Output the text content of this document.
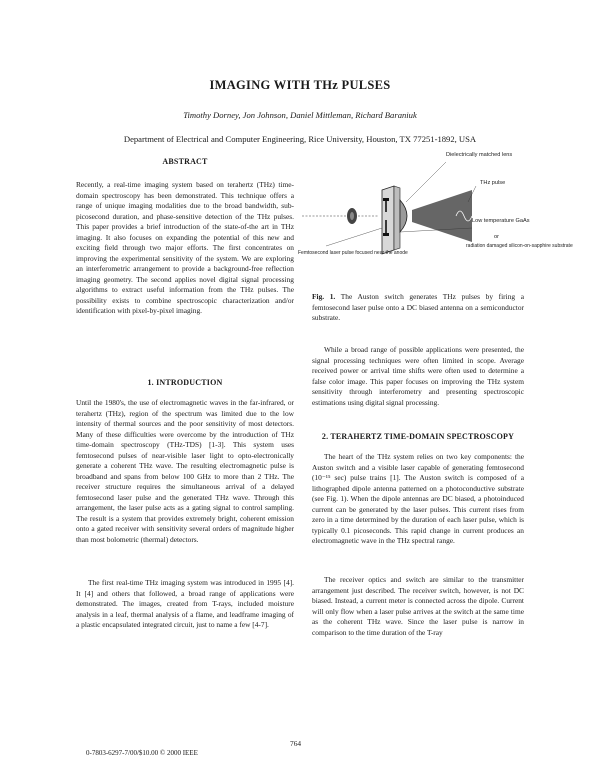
IMAGING WITH THz PULSES
Timothy Dorney, Jon Johnson, Daniel Mittleman, Richard Baraniuk
Department of Electrical and Computer Engineering, Rice University, Houston, TX 77251-1892, USA
ABSTRACT

Recently, a real-time imaging system based on terahertz (THz) time-domain spectroscopy has been demonstrated. This technique offers a range of unique imaging modalities due to the broad bandwidth, sub-picosecond duration, and phase-sensitive detection of the THz pulses. This paper provides a brief introduction of the state-of-the art in THz imaging. It also focuses on expanding the potential of this new and exciting field through two major efforts. The first concentrates on improving the experimental sensitivity of the system. We are exploring an interferometric arrangement to provide a background-free reflection imaging geometry. The second applies novel digital signal processing algorithms to extract useful information from the THz pulses. The possibility exists to combine spectroscopic characterization and/or identification with pixel-by-pixel imaging.

1. INTRODUCTION

Until the 1980's, the use of electromagnetic waves in the far-infrared, or terahertz (THz), region of the spectrum was limited due to the low intensity of thermal sources and the poor sensitivity of most detectors. Many of these difficulties were overcome by the introduction of THz time-domain spectroscopy (THz-TDS) [1-3]. This system uses femtosecond pulses of near-visible laser light to opto-electronically generate a coherent THz wave. The resulting electromagnetic pulse is broadband and spans from below 100 GHz to more than 2 THz. The receiver structure requires the simultaneous arrival of a delayed femtosecond laser pulse and the generated THz wave. Through this arrangement, the laser pulse acts as a gating signal to control sampling. The result is a system that provides extremely bright, coherent emission onto a gated receiver with sensitivity several orders of magnitude higher than most bolometric (thermal) detectors.

The first real-time THz imaging system was introduced in 1995 [4]. It [4] and others that followed, a broad range of applications were demonstrated. The images, created from T-rays, included moisture analysis in a leaf, thermal analysis of a flame, and leadframe imaging of a plastic encapsulated integrated circuit, just to name a few [4-7].

Dielectrically matched lens
THz pulse
Low temperature GaAs
or
radiation damaged silicon-on-sapphire substrate
Femtosecond laser pulse focused near the anode

Fig. 1. The Auston switch generates THz pulses by firing a femtosecond laser pulse onto a DC biased antenna on a semiconductor substrate.

While a broad range of possible applications were presented, the signal processing techniques were often limited in scope. Average received power or arrival time shifts were often used to determine a false color image. This paper focuses on improving the THz system sensitivity through interferometry and presenting spectroscopic estimations using digital signal processing.

2. TERAHERTZ TIME-DOMAIN SPECTROSCOPY

The heart of the THz system relies on two key components: the Auston switch and a visible laser capable of generating femtosecond (10⁻¹⁵ sec) pulse trains [1]. The Auston switch is composed of a lithographed dipole antenna patterned on a photoconductive substrate (see Fig. 1). When the dipole antennas are DC biased, a photoinduced current can be generated by the laser pulses. This current rises from zero in a time determined by the duration of each laser pulse, which is typically 0.1 picoseconds. This rapid change in current produces an electromagnetic wave in the THz spectral range.

The receiver optics and switch are similar to the transmitter arrangement just described. The receiver switch, however, is not DC biased. Instead, a current meter is connected across the dipole. Current will only flow when a laser pulse arrives at the switch at the same time as the coherent THz wave. Since the laser pulse is narrow in comparison to the time duration of the T-ray

764
0-7803-6297-7/00/$10.00 © 2000 IEEE
